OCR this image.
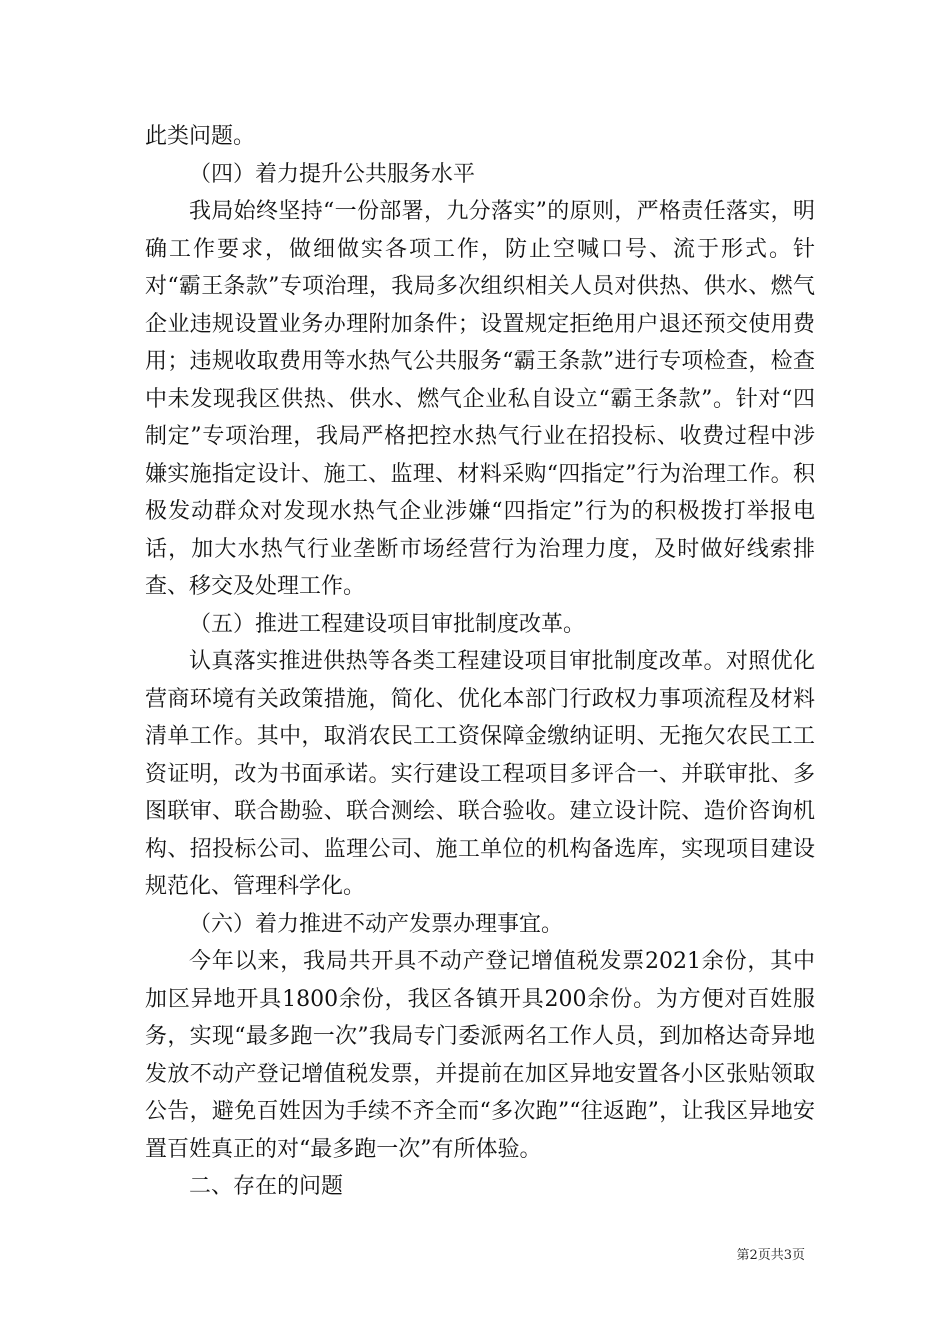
此类问题。

（四）着力提升公共服务水平

我局始终坚持“一份部署，九分落实”的原则，严格责任落实，明确工作要求，做细做实各项工作，防止空喊口号、流于形式。针对“霸王条款”专项治理，我局多次组织相关人员对供热、供水、燃气企业违规设置业务办理附加条件；设置规定拒绝用户退还预交使用费用；违规收取费用等水热气公共服务“霸王条款”进行专项检查，检查中未发现我区供热、供水、燃气企业私自设立“霸王条款”。针对“四制定”专项治理，我局严格把控水热气行业在招投标、收费过程中涉嫌实施指定设计、施工、监理、材料采购“四指定”行为治理工作。积极发动群众对发现水热气企业涉嫌“四指定”行为的积极拨打举报电话，加大水热气行业垄断市场经营行为治理力度，及时做好线索排查、移交及处理工作。

（五）推进工程建设项目审批制度改革。

认真落实推进供热等各类工程建设项目审批制度改革。对照优化营商环境有关政策措施，简化、优化本部门行政权力事项流程及材料清单工作。其中，取消农民工工资保障金缴纳证明、无拖欠农民工工资证明，改为书面承诺。实行建设工程项目多评合一、并联审批、多图联审、联合勘验、联合测绘、联合验收。建立设计院、造价咨询机构、招投标公司、监理公司、施工单位的机构备选库，实现项目建设规范化、管理科学化。

（六）着力推进不动产发票办理事宜。

今年以来，我局共开具不动产登记增值税发票2021余份，其中加区异地开具1800余份，我区各镇开具200余份。为方便对百姓服务，实现“最多跑一次”我局专门委派两名工作人员，到加格达奇异地发放不动产登记增值税发票，并提前在加区异地安置各小区张贴领取公告，避免百姓因为手续不齐全而“多次跑”“往返跑”，让我区异地安置百姓真正的对“最多跑一次”有所体验。

二、存在的问题

第2页共3页
